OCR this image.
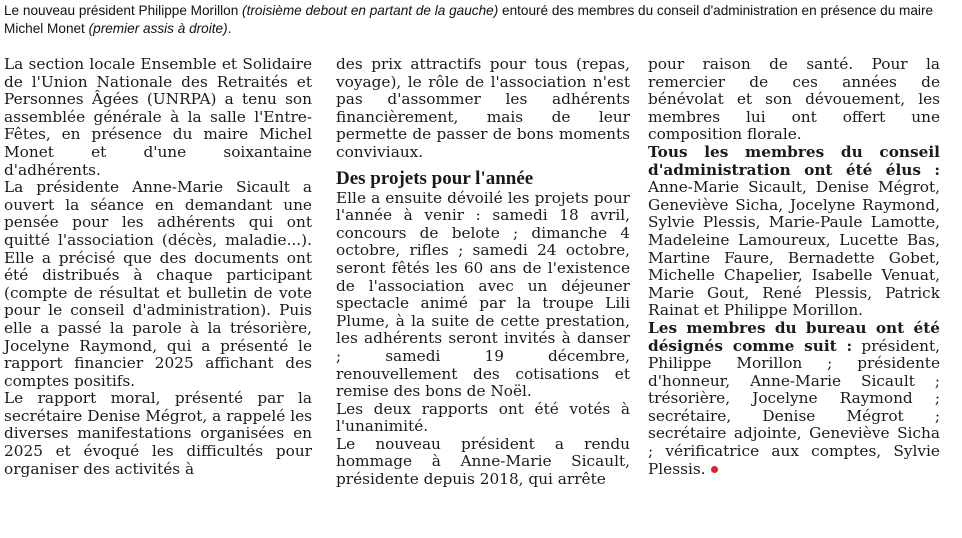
Le nouveau président Philippe Morillon (troisième debout en partant de la gauche) entouré des membres du conseil d'administration en présence du maire Michel Monet (premier assis à droite).

La section locale Ensemble et Solidaire de l'Union Nationale des Retraités et Personnes Âgées (UNRPA) a tenu son assemblée générale à la salle l'Entre-Fêtes, en présence du maire Michel Monet et d'une soixantaine d'adhérents.

La présidente Anne-Marie Sicault a ouvert la séance en demandant une pensée pour les adhérents qui ont quitté l'association (décès, maladie...). Elle a précisé que des documents ont été distribués à chaque participant (compte de résultat et bulletin de vote pour le conseil d'administration). Puis elle a passé la parole à la trésorière, Jocelyne Raymond, qui a présenté le rapport financier 2025 affichant des comptes positifs.

Le rapport moral, présenté par la secrétaire Denise Mégrot, a rappelé les diverses manifestations organisées en 2025 et évoqué les difficultés pour organiser des activités à

des prix attractifs pour tous (repas, voyage), le rôle de l'association n'est pas d'assommer les adhérents financièrement, mais de leur permette de passer de bons moments conviviaux.

Des projets pour l'année

Elle a ensuite dévoilé les projets pour l'année à venir : samedi 18 avril, concours de belote ; dimanche 4 octobre, rifles ; samedi 24 octobre, seront fêtés les 60 ans de l'existence de l'association avec un déjeuner spectacle animé par la troupe Lili Plume, à la suite de cette prestation, les adhérents seront invités à danser ; samedi 19 décembre, renouvellement des cotisations et remise des bons de Noël.

Les deux rapports ont été votés à l'unanimité.

Le nouveau président a rendu hommage à Anne-Marie Sicault, présidente depuis 2018, qui arrête

pour raison de santé. Pour la remercier de ces années de bénévolat et son dévouement, les membres lui ont offert une composition florale.

Tous les membres du conseil d'administration ont été élus : Anne-Marie Sicault, Denise Mégrot, Geneviève Sicha, Jocelyne Raymond, Sylvie Plessis, Marie-Paule Lamotte, Madeleine Lamoureux, Lucette Bas, Martine Faure, Bernadette Gobet, Michelle Chapelier, Isabelle Venuat, Marie Gout, René Plessis, Patrick Rainat et Philippe Morillon.

Les membres du bureau ont été désignés comme suit : président, Philippe Morillon ; présidente d'honneur, Anne-Marie Sicault ; trésorière, Jocelyne Raymond ; secrétaire, Denise Mégrot ; secrétaire adjointe, Geneviève Sicha ; vérificatrice aux comptes, Sylvie Plessis.
